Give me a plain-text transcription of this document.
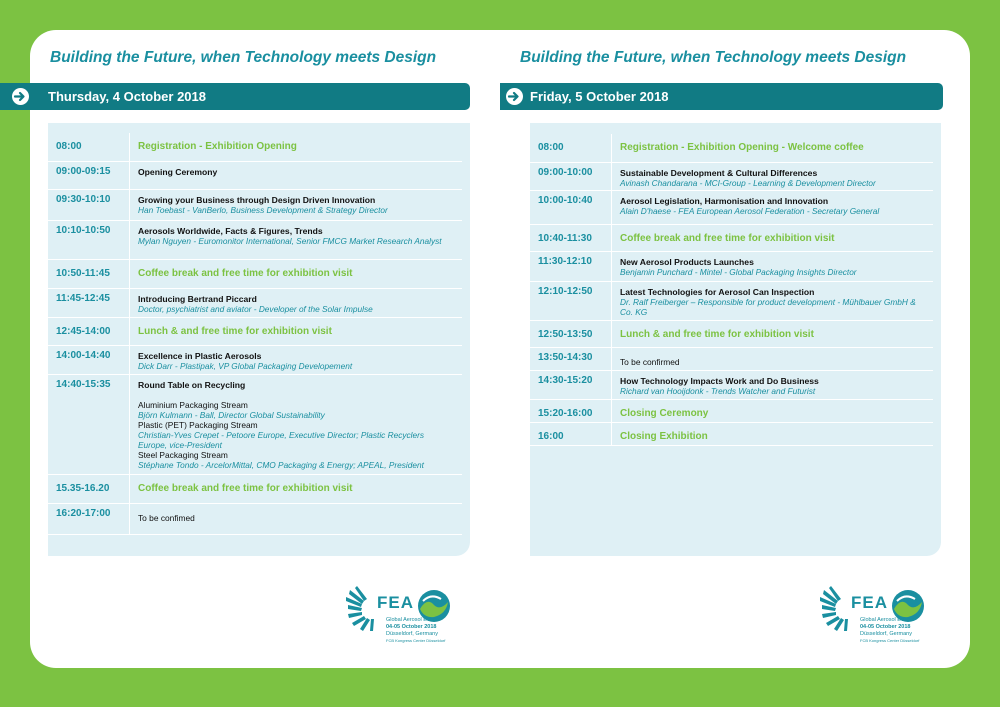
Building the Future, when Technology meets Design
Thursday, 4 October 2018
08:00	Registration - Exhibition Opening
09:00-09:15	Opening Ceremony
09:30-10:10	Growing your Business through Design Driven Innovation
Han Toebast - VanBerlo, Business Development & Strategy Director
10:10-10:50	Aerosols Worldwide, Facts & Figures, Trends
Mylan Nguyen - Euromonitor International, Senior FMCG Market Research Analyst
10:50-11:45	Coffee break and free time for exhibition visit
11:45-12:45	Introducing Bertrand Piccard
Doctor, psychiatrist and aviator - Developer of the Solar Impulse
12:45-14:00	Lunch & and free time for exhibition visit
14:00-14:40	Excellence in Plastic Aerosols
Dick Darr - Plastipak, VP Global Packaging Developement
14:40-15:35	Round Table on Recycling
Aluminium Packaging Stream
Björn Kulmann - Ball, Director Global Sustainability
Plastic (PET) Packaging Stream
Christian-Yves Crepet - Petoore Europe, Executive Director; Plastic Recyclers Europe, vice-President
Steel Packaging Stream
Stéphane Tondo - ArcelorMittal, CMO Packaging & Energy; APEAL, President
15.35-16.20	Coffee break and free time for exhibition visit
16:20-17:00	To be confimed
FEA
Global Aerosol Events
04-05 October 2018
Düsseldorf, Germany
FCB Kongress Center Düsseldorf
Building the Future, when Technology meets Design
Friday, 5 October 2018
08:00	Registration - Exhibition Opening - Welcome coffee
09:00-10:00	Sustainable Development & Cultural Differences
Avinash Chandarana - MCI-Group - Learning & Development Director
10:00-10:40	Aerosol Legislation, Harmonisation and Innovation
Alain D'haese - FEA European Aerosol Federation - Secretary General
10:40-11:30	Coffee break and free time for exhibition visit
11:30-12:10	New Aerosol Products Launches
Benjamin Punchard - Mintel - Global Packaging Insights Director
12:10-12:50	Latest Technologies for Aerosol Can Inspection
Dr. Ralf Freiberger – Responsible for product development - Mühlbauer GmbH & Co. KG
12:50-13:50	Lunch & and free time for exhibition visit
13:50-14:30	To be confirmed
14:30-15:20	How Technology Impacts Work and Do Business
Richard van Hooijdonk - Trends Watcher and Futurist
15:20-16:00	Closing Ceremony
16:00	Closing Exhibition
FEA
Global Aerosol Events
04-05 October 2018
Düsseldorf, Germany
FCB Kongress Center Düsseldorf
